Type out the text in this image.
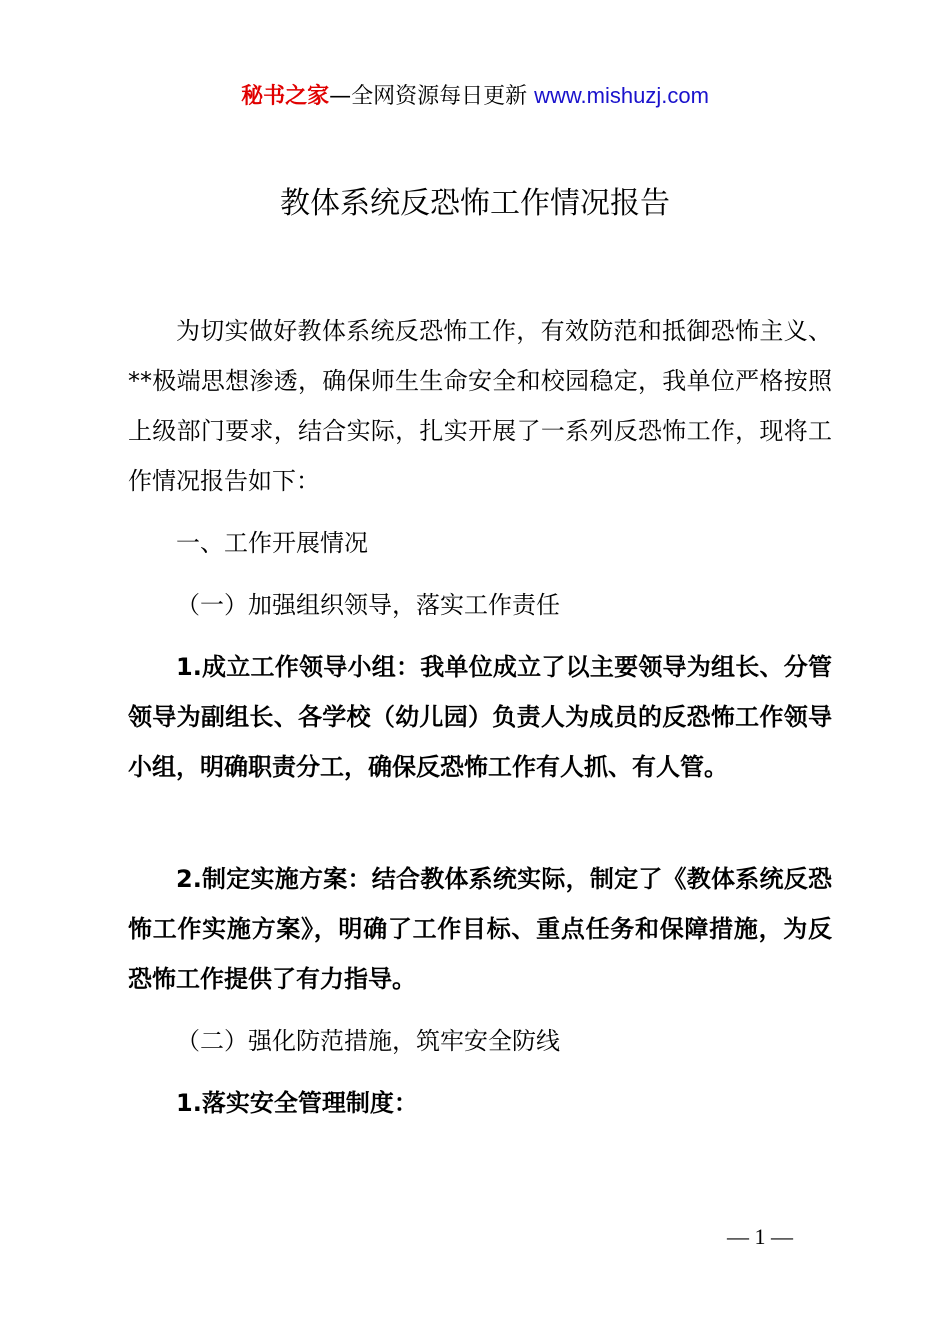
秘书之家—全网资源每日更新 www.mishuzj.com
教体系统反恐怖工作情况报告

为切实做好教体系统反恐怖工作，有效防范和抵御恐怖主义、**极端思想渗透，确保师生生命安全和校园稳定，我单位严格按照上级部门要求，结合实际，扎实开展了一系列反恐怖工作，现将工作情况报告如下：

一、工作开展情况

（一）加强组织领导，落实工作责任

1.成立工作领导小组：我单位成立了以主要领导为组长、分管领导为副组长、各学校（幼儿园）负责人为成员的反恐怖工作领导小组，明确职责分工，确保反恐怖工作有人抓、有人管。

2.制定实施方案：结合教体系统实际，制定了《教体系统反恐怖工作实施方案》，明确了工作目标、重点任务和保障措施，为反恐怖工作提供了有力指导。

（二）强化防范措施，筑牢安全防线

1.落实安全管理制度：

— 1 —
